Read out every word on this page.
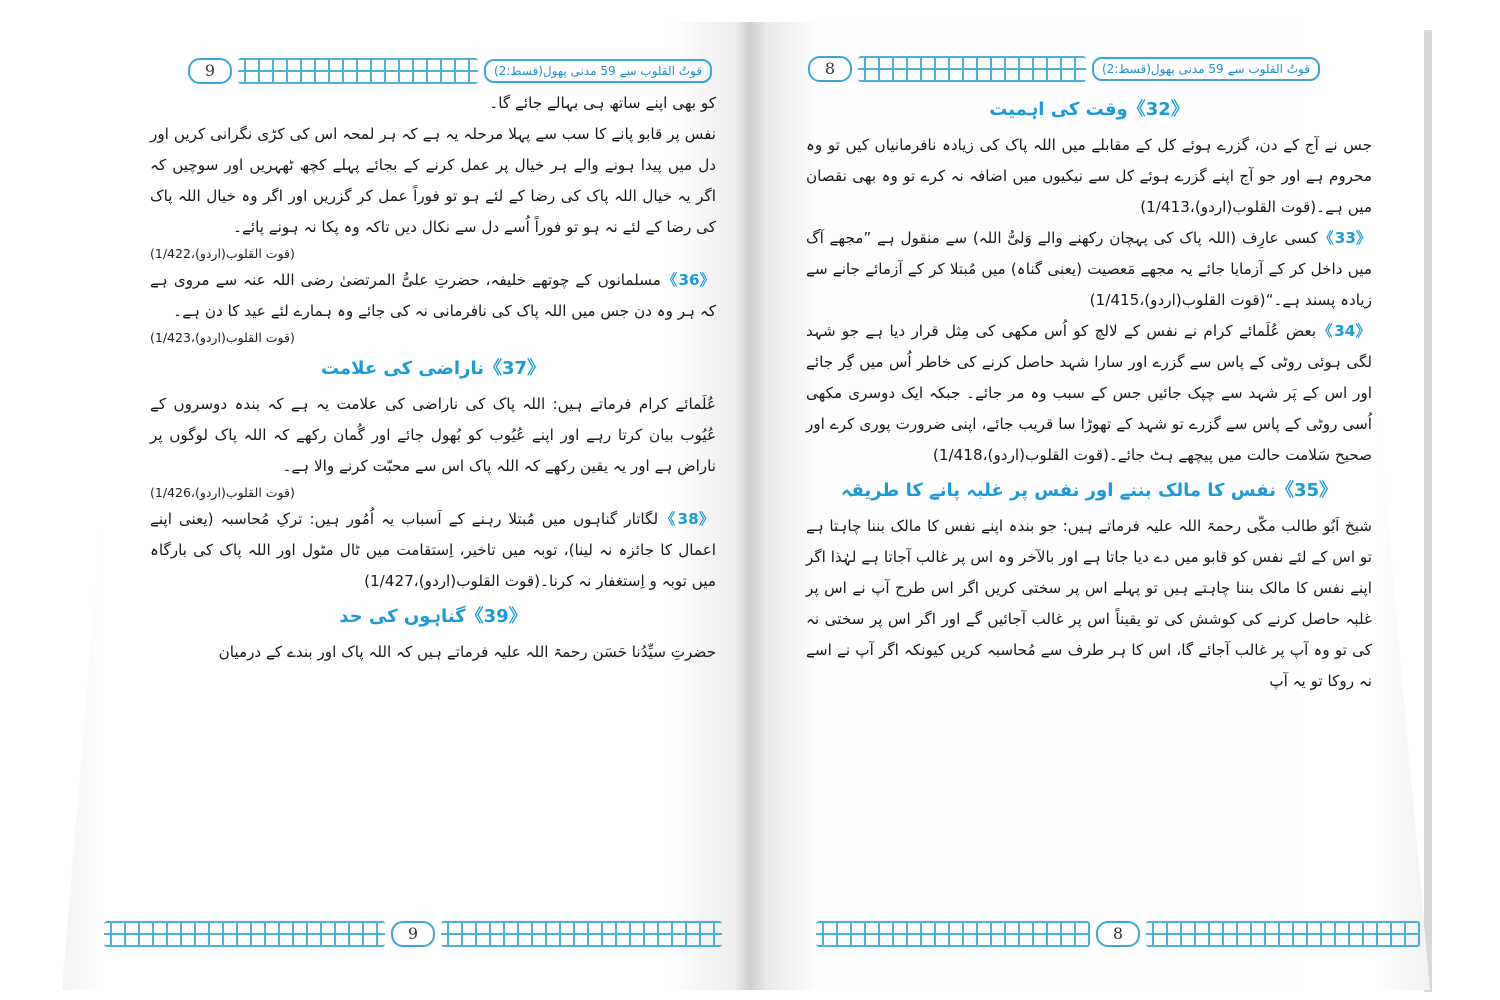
9	قوتُ القلوب سے 59 مدنی پھول(قسط:2)	8	قوتُ القلوب سے 59 مدنی پھول(قسط:2)

کو بھی اپنے ساتھ ہی بہالے جائے گا۔

نفس پر قابو پانے کا سب سے پہلا مرحلہ یہ ہے کہ ہر لمحہ اس کی کڑی نگرانی کریں اور دل میں پیدا ہونے والے ہر خیال پر عمل کرنے کے بجائے پہلے کچھ ٹھہریں اور سوچیں کہ اگر یہ خیال اللہ پاک کی رضا کے لئے ہو تو فوراً عمل کر گزریں اور اگر وہ خیال اللہ پاک کی رضا کے لئے نہ ہو تو فوراً اُسے دل سے نکال دیں تاکہ وہ پکا نہ ہونے پائے۔

(قوت القلوب(اردو)،1/422)

《36》مسلمانوں کے چوتھے خلیفہ، حضرتِ علیُّ المرتضیٰ رضی اللہ عنہ سے مروی ہے کہ ہر وہ دن جس میں اللہ پاک کی نافرمانی نہ کی جائے وہ ہمارے لئے عید کا دن ہے۔

(قوت القلوب(اردو)،1/423)

《37》ناراضی کی علامت

عُلَمائے کرام فرماتے ہیں: اللہ پاک کی ناراضی کی علامت یہ ہے کہ بندہ دوسروں کے عُیُوب بیان کرتا رہے اور اپنے عُیُوب کو بُھول جائے اور گُمان رکھے کہ اللہ پاک لوگوں پر ناراض ہے اور یہ یقین رکھے کہ اللہ پاک اس سے محبّت کرنے والا ہے۔

(قوت القلوب(اردو)،1/426)

《38》لگاتار گناہوں میں مُبتلا رہنے کے اَسباب یہ اُمُور ہیں: ترکِ مُحاسبہ (یعنی اپنے اعمال کا جائزہ نہ لینا)، توبہ میں تاخیر، اِستقامت میں ٹال مٹول اور اللہ پاک کی بارگاہ میں توبہ و اِستغفار نہ کرنا۔(قوت القلوب(اردو)،1/427)

《39》گناہوں کی حد

حضرتِ سیِّدُنا حَسَن رحمۃ اللہ علیہ فرماتے ہیں کہ اللہ پاک اور بندے کے درمیان

《32》وقت کی اہمیت

جس نے آج کے دن، گزرے ہوئے کل کے مقابلے میں اللہ پاک کی زیادہ نافرمانیاں کیں تو وہ محروم ہے اور جو آج اپنے گزرے ہوئے کل سے نیکیوں میں اضافہ نہ کرے تو وہ بھی نقصان میں ہے۔(قوت القلوب(اردو)،1/413)

《33》کسی عارِف (اللہ پاک کی پہچان رکھنے والے وَلیُّ اللہ) سے منقول ہے ”مجھے آگ میں داخل کر کے آزمایا جائے یہ مجھے مَعصیت (یعنی گناہ) میں مُبتلا کر کے آزمائے جانے سے زیادہ پسند ہے۔“(قوت القلوب(اردو)،1/415)

《34》بعض عُلَمائے کرام نے نفس کے لالچ کو اُس مکھی کی مِثل قرار دیا ہے جو شہد لگی ہوئی روٹی کے پاس سے گزرے اور سارا شہد حاصل کرنے کی خاطر اُس میں گِر جائے اور اس کے پَر شہد سے چپک جائیں جس کے سبب وہ مر جائے۔ جبکہ ایک دوسری مکھی اُسی روٹی کے پاس سے گزرے تو شہد کے تھوڑا سا قریب جائے، اپنی ضرورت پوری کرے اور صحیح سَلامت حالت میں پیچھے ہٹ جائے۔(قوت القلوب(اردو)،1/418)

《35》نفس کا مالک بننے اور نفس پر غلبہ پانے کا طریقہ

شیخ اَبُو طالب مکّی رحمۃ اللہ علیہ فرماتے ہیں: جو بندہ اپنے نفس کا مالک بننا چاہتا ہے تو اس کے لئے نفس کو قابو میں دے دیا جاتا ہے اور بالآخر وہ اس پر غالب آجاتا ہے لہٰذا اگر اپنے نفس کا مالک بننا چاہتے ہیں تو پہلے اس پر سختی کریں اگر اس طرح آپ نے اس پر غلبہ حاصل کرنے کی کوشش کی تو یقیناً اس پر غالب آجائیں گے اور اگر اس پر سختی نہ کی تو وہ آپ پر غالب آجائے گا، اس کا ہر طرف سے مُحاسبہ کریں کیونکہ اگر آپ نے اسے نہ روکا تو یہ آپ

9	8
